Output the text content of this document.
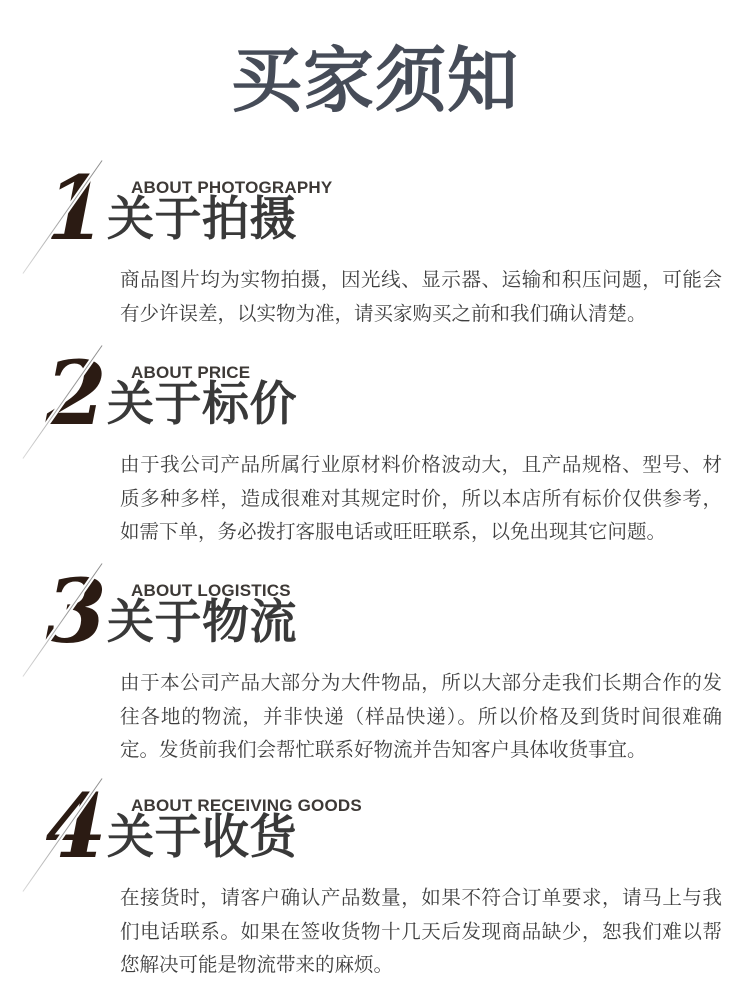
买家须知
1 ABOUT PHOTOGRAPHY
关于拍摄

商品图片均为实物拍摄，因光线、显示器、运输和积压问题，可能会有少许误差，以实物为准，请买家购买之前和我们确认清楚。

2 ABOUT PRICE
关于标价

由于我公司产品所属行业原材料价格波动大，且产品规格、型号、材质多种多样，造成很难对其规定时价，所以本店所有标价仅供参考，如需下单，务必拨打客服电话或旺旺联系，以免出现其它问题。

3 ABOUT LOGISTICS
关于物流

由于本公司产品大部分为大件物品，所以大部分走我们长期合作的发往各地的物流，并非快递（样品快递）。所以价格及到货时间很难确定。发货前我们会帮忙联系好物流并告知客户具体收货事宜。

4 ABOUT RECEIVING GOODS
关于收货

在接货时，请客户确认产品数量，如果不符合订单要求，请马上与我们电话联系。如果在签收货物十几天后发现商品缺少，恕我们难以帮您解决可能是物流带来的麻烦。
